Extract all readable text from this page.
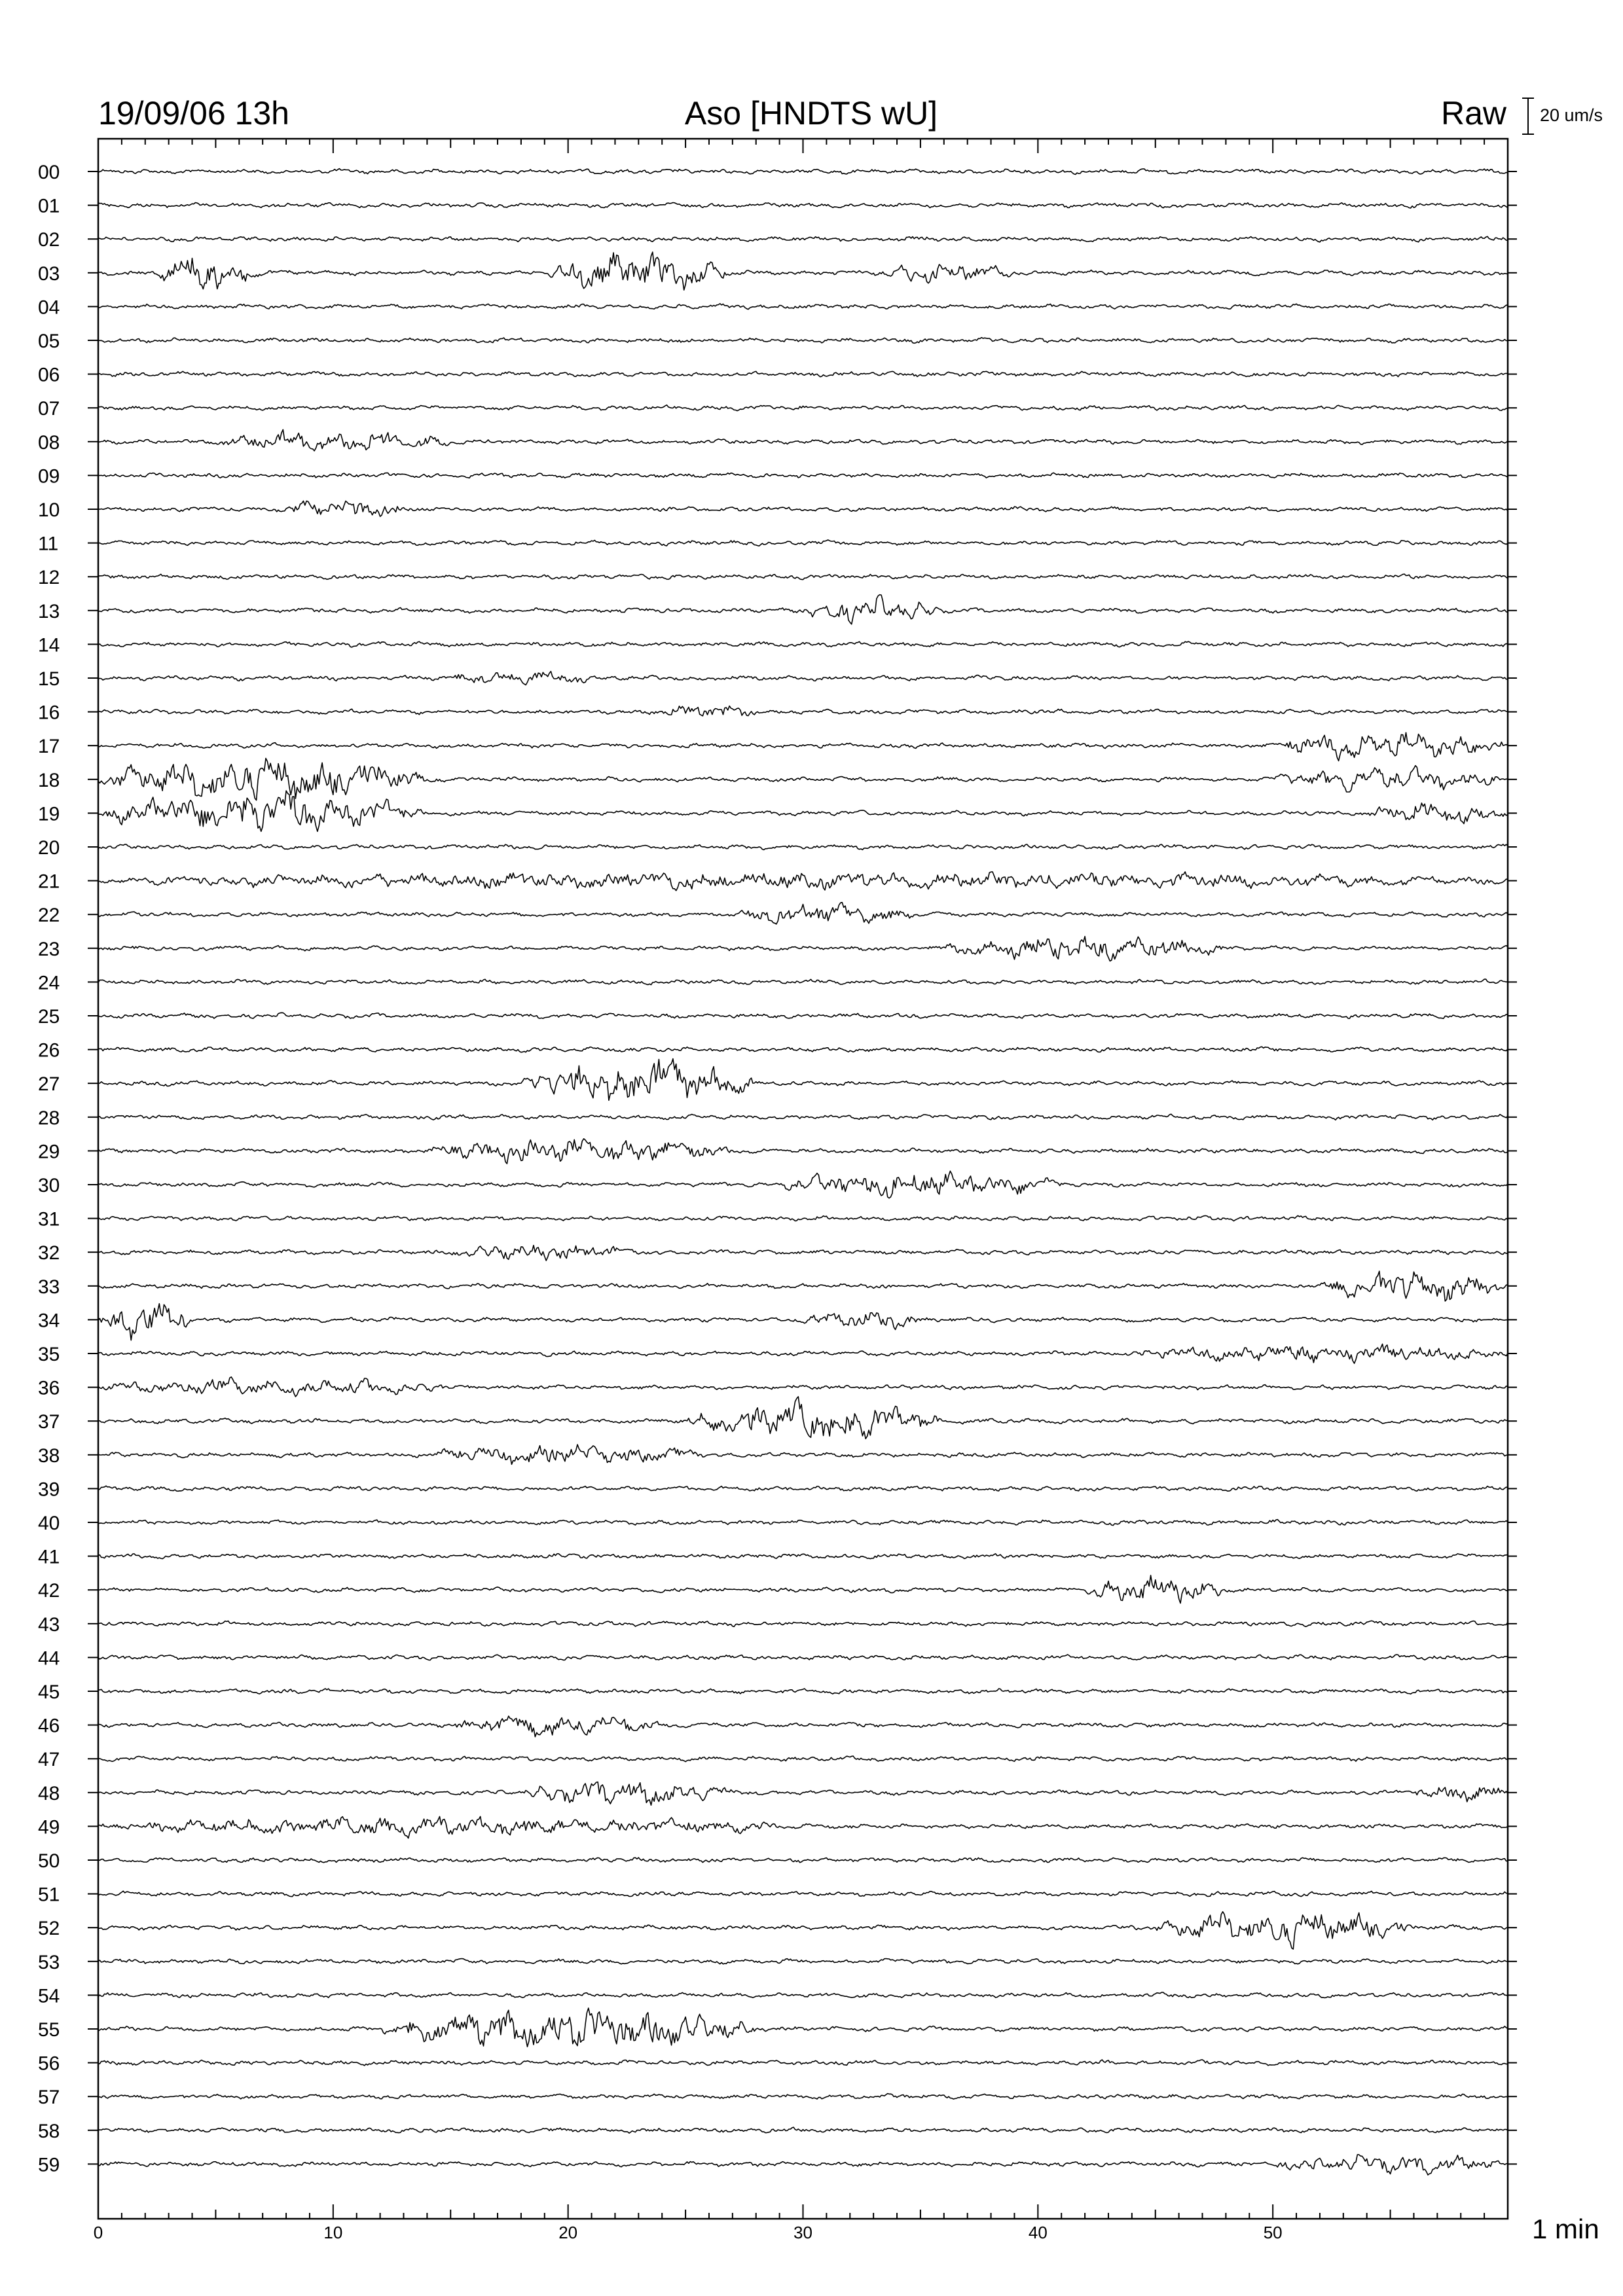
00
01
02
03
04
05
06
07
08
09
10
11
12
13
14
15
16
17
18
19
20
21
22
23
24
25
26
27
28
29
30
31
32
33
34
35
36
37
38
39
40
41
42
43
44
45
46
47
48
49
50
51
52
53
54
55
56
57
58
59
0	10	20	30	40	50
19/09/06 13h	Aso [HNDTS wU]	Raw 20 um/s
1 min
